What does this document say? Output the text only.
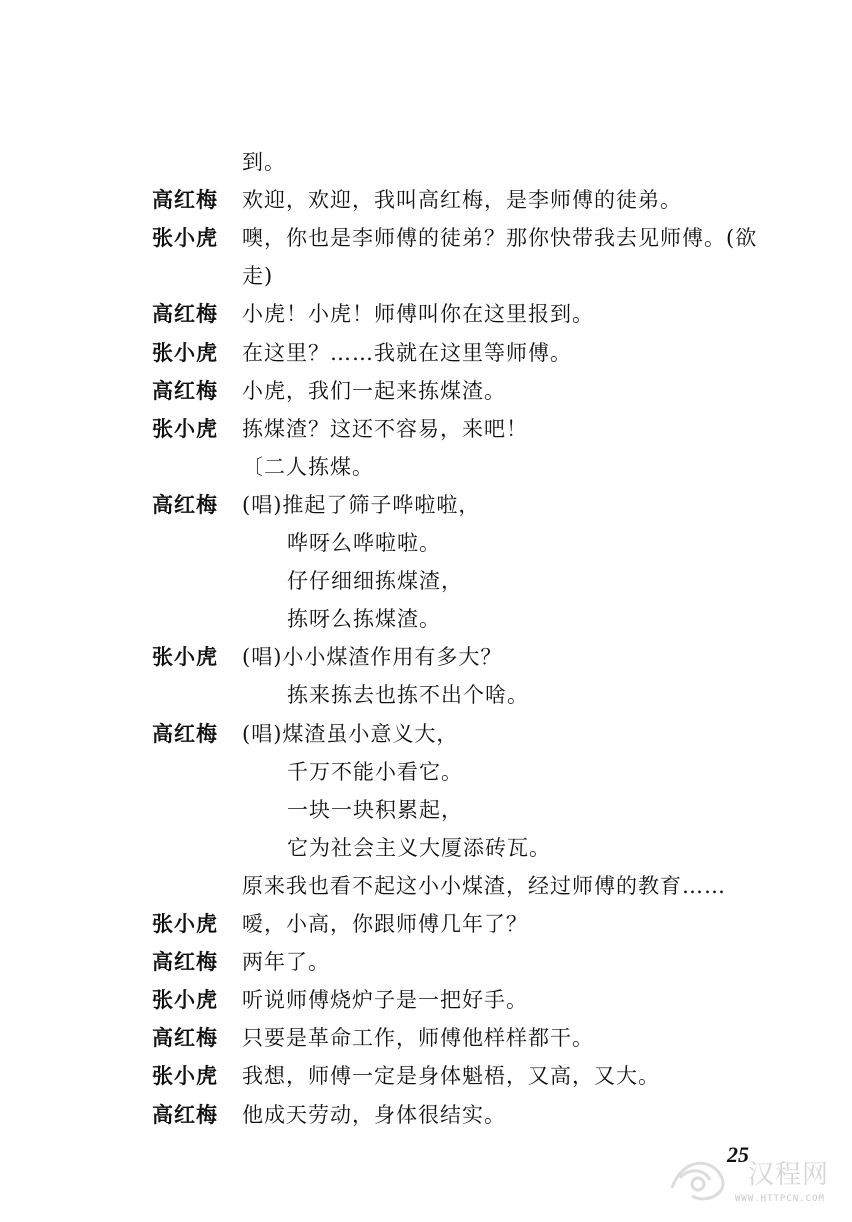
到。
高红梅	欢迎，欢迎，我叫高红梅，是李师傅的徒弟。
张小虎	噢，你也是李师傅的徒弟？那你快带我去见师傅。(欲
走)
高红梅	小虎！小虎！师傅叫你在这里报到。
张小虎	在这里？……我就在这里等师傅。
高红梅	小虎，我们一起来拣煤渣。
张小虎	拣煤渣？这还不容易，来吧！
〔二人拣煤。
高红梅	(唱)推起了筛子哗啦啦，
哗呀么哗啦啦。
仔仔细细拣煤渣，
拣呀么拣煤渣。
张小虎	(唱)小小煤渣作用有多大？
拣来拣去也拣不出个啥。
高红梅	(唱)煤渣虽小意义大，
千万不能小看它。
一块一块积累起，
它为社会主义大厦添砖瓦。
原来我也看不起这小小煤渣，经过师傅的教育……
张小虎	嗳，小高，你跟师傅几年了？
高红梅	两年了。
张小虎	听说师傅烧炉子是一把好手。
高红梅	只要是革命工作，师傅他样样都干。
张小虎	我想，师傅一定是身体魁梧，又高，又大。
高红梅	他成天劳动，身体很结实。
25
汉程网
WWW.HTTPCN.COM
